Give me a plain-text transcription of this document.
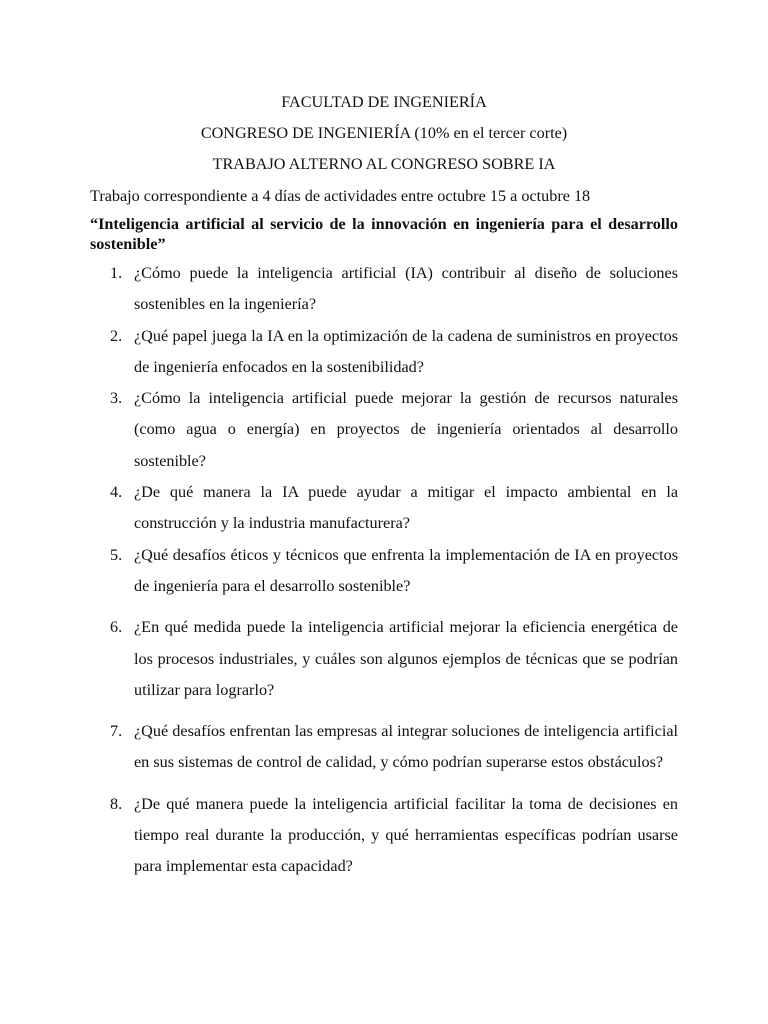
FACULTAD DE INGENIERÍA
CONGRESO DE INGENIERÍA (10% en el tercer corte)
TRABAJO ALTERNO AL CONGRESO SOBRE IA
Trabajo correspondiente a 4 días de actividades entre octubre 15 a octubre 18
“Inteligencia artificial al servicio de la innovación en ingeniería para el desarrollo sostenible”
1. ¿Cómo puede la inteligencia artificial (IA) contribuir al diseño de soluciones sostenibles en la ingeniería?
2. ¿Qué papel juega la IA en la optimización de la cadena de suministros en proyectos de ingeniería enfocados en la sostenibilidad?
3. ¿Cómo la inteligencia artificial puede mejorar la gestión de recursos naturales (como agua o energía) en proyectos de ingeniería orientados al desarrollo sostenible?
4. ¿De qué manera la IA puede ayudar a mitigar el impacto ambiental en la construcción y la industria manufacturera?
5. ¿Qué desafíos éticos y técnicos que enfrenta la implementación de IA en proyectos de ingeniería para el desarrollo sostenible?
6. ¿En qué medida puede la inteligencia artificial mejorar la eficiencia energética de los procesos industriales, y cuáles son algunos ejemplos de técnicas que se podrían utilizar para lograrlo?
7. ¿Qué desafíos enfrentan las empresas al integrar soluciones de inteligencia artificial en sus sistemas de control de calidad, y cómo podrían superarse estos obstáculos?
8. ¿De qué manera puede la inteligencia artificial facilitar la toma de decisiones en tiempo real durante la producción, y qué herramientas específicas podrían usarse para implementar esta capacidad?
